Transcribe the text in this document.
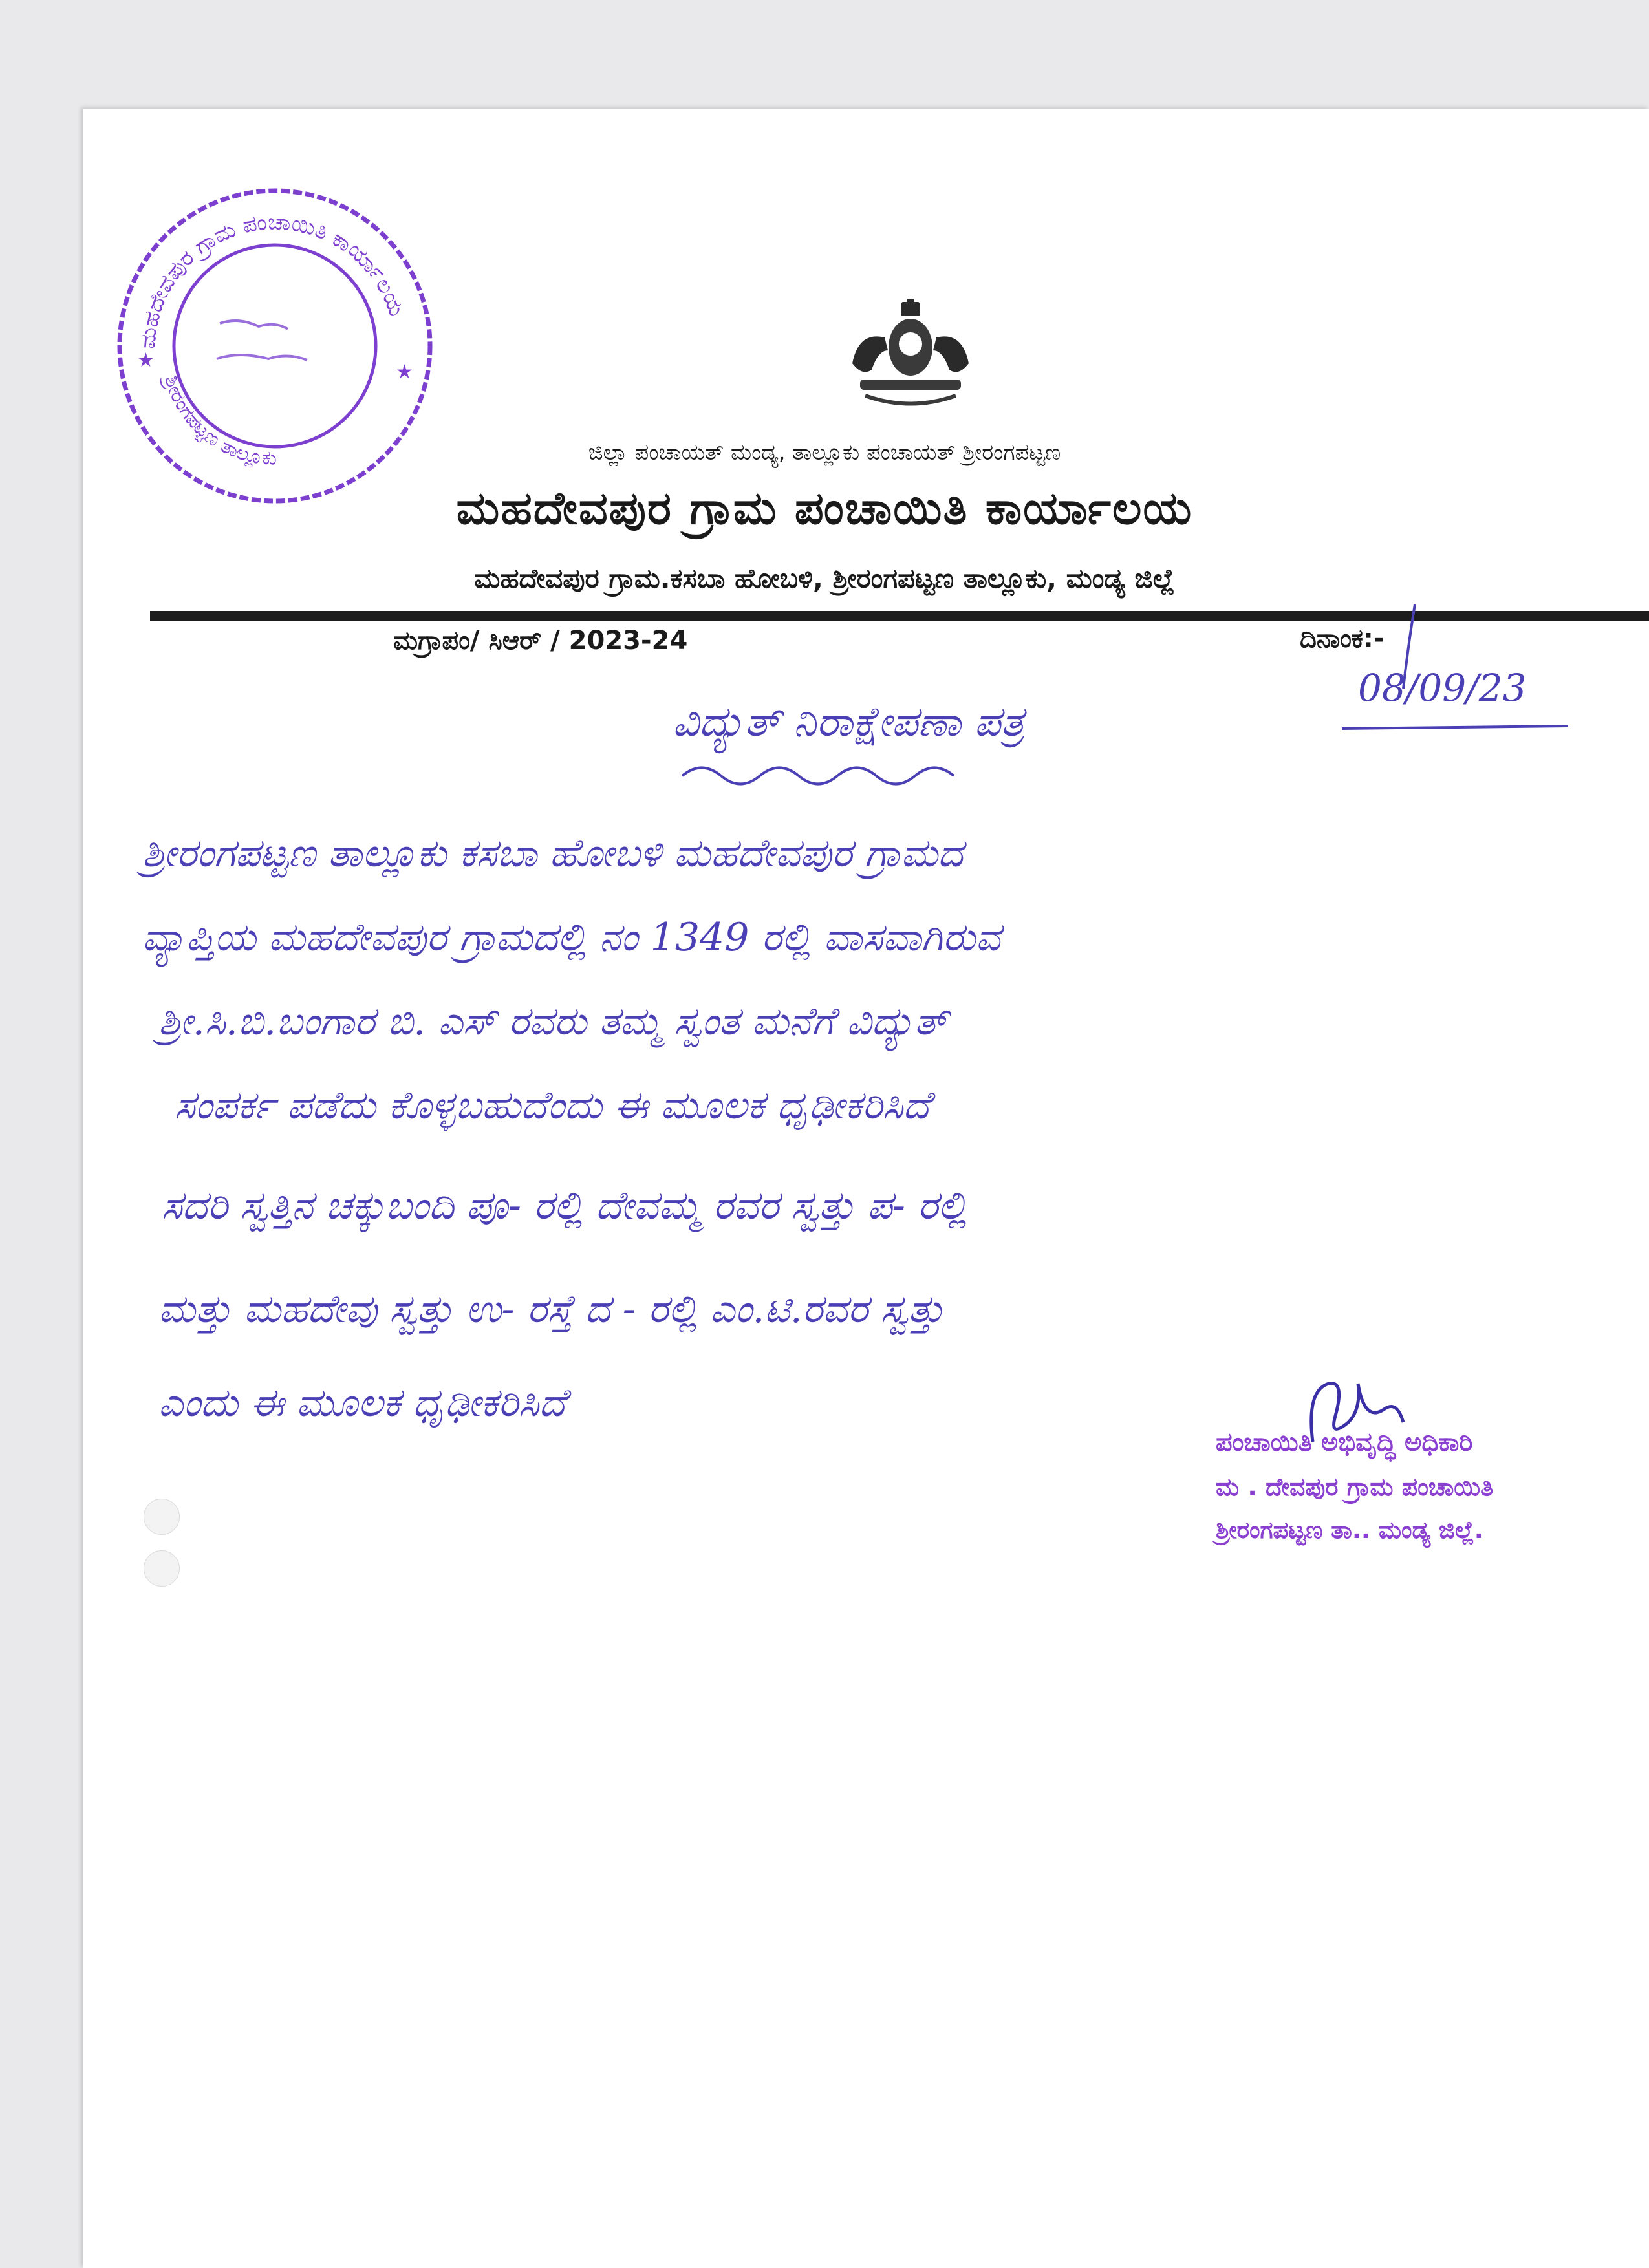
ಮಹದೇವಪುರ ಗ್ರಾಮ ಪಂಚಾಯಿತಿ ಕಾರ್ಯಾಲಯ
ಶ್ರೀರಂಗಪಟ್ಟಣ ತಾಲ್ಲೂಕು
★
★
ಜಿಲ್ಲಾ ಪಂಚಾಯತ್ ಮಂಡ್ಯ, ತಾಲ್ಲೂಕು ಪಂಚಾಯತ್ ಶ್ರೀರಂಗಪಟ್ಟಣ
ಮಹದೇವಪುರ ಗ್ರಾಮ ಪಂಚಾಯಿತಿ ಕಾರ್ಯಾಲಯ
ಮಹದೇವಪುರ ಗ್ರಾಮ.ಕಸಬಾ ಹೋಬಳಿ, ಶ್ರೀರಂಗಪಟ್ಟಣ ತಾಲ್ಲೂಕು, ಮಂಡ್ಯ ಜಿಲ್ಲೆ
ಮಗ್ರಾಪಂ/ ಸಿಆರ್ / 2023-24	ದಿನಾಂಕ:-
08/09/23
ವಿದ್ಯುತ್ ನಿರಾಕ್ಷೇಪಣಾ ಪತ್ರ
ಶ್ರೀರಂಗಪಟ್ಟಣ ತಾಲ್ಲೂಕು ಕಸಬಾ ಹೋಬಳಿ ಮಹದೇವಪುರ ಗ್ರಾಮದ
ವ್ಯಾಪ್ತಿಯ ಮಹದೇವಪುರ ಗ್ರಾಮದಲ್ಲಿ ನಂ 1349 ರಲ್ಲಿ ವಾಸವಾಗಿರುವ
ಶ್ರೀ.ಸಿ.ಬಿ.ಬಂಗಾರ ಬಿ. ಎಸ್ ರವರು ತಮ್ಮ ಸ್ವಂತ ಮನೆಗೆ ವಿದ್ಯುತ್
ಸಂಪರ್ಕ ಪಡೆದು ಕೊಳ್ಳಬಹುದೆಂದು ಈ ಮೂಲಕ ಧೃಢೀಕರಿಸಿದೆ
ಸದರಿ ಸ್ವತ್ತಿನ ಚಕ್ಕುಬಂದಿ ಪೂ- ರಲ್ಲಿ ದೇವಮ್ಮ ರವರ ಸ್ವತ್ತು ಪ- ರಲ್ಲಿ
ಮತ್ತು ಮಹದೇವು ಸ್ವತ್ತು ಉ- ರಸ್ತೆ ದ - ರಲ್ಲಿ ಎಂ.ಟಿ.ರವರ ಸ್ವತ್ತು
ಎಂದು ಈ ಮೂಲಕ ಧೃಢೀಕರಿಸಿದೆ
ಪಂಚಾಯಿತಿ ಅಭಿವೃದ್ಧಿ ಅಧಿಕಾರಿ
ಮ . ದೇವಪುರ ಗ್ರಾಮ ಪಂಚಾಯಿತಿ
ಶ್ರೀರಂಗಪಟ್ಟಣ ತಾ.. ಮಂಡ್ಯ ಜಿಲ್ಲೆ.
